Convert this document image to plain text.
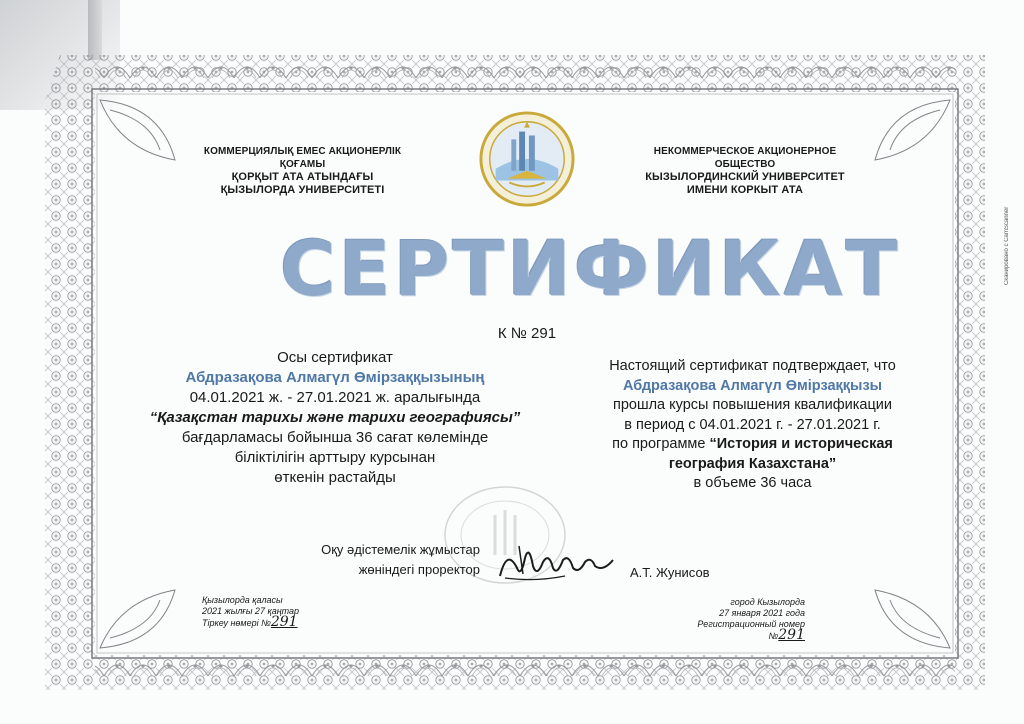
КОММЕРЦИЯЛЫҚ ЕМЕС АКЦИОНЕРЛІК ҚОҒАМЫ
ҚОРҚЫТ АТА АТЫНДАҒЫ
ҚЫЗЫЛОРДА УНИВЕРСИТЕТІ
НЕКОММЕРЧЕСКОЕ АКЦИОНЕРНОЕ ОБЩЕСТВО
КЫЗЫЛОРДИНСКИЙ УНИВЕРСИТЕТ
ИМЕНИ КОРКЫТ АТА
СЕРТИФИКАТ
К № 291
Осы сертификат
Абдразақова Алмагүл Өмірзаққызының
04.01.2021 ж. - 27.01.2021 ж. аралығында
“Қазақстан тарихы және тарихи географиясы”
бағдарламасы бойынша 36 сағат көлемінде
біліктілігін арттыру курсынан
өткенін растайды
Настоящий сертификат подтверждает, что
Абдразақова Алмагүл Өмірзаққызы
прошла курсы повышения квалификации
в период с 04.01.2021 г. - 27.01.2021 г.
по программе “История и историческая
география Казахстана”
в объеме 36 часа
Оқу әдістемелік жұмыстар
жөніндегі проректор	А.Т. Жунисов
Қызылорда қаласы
2021 жылғы 27 қаңтар
Тіркеу нөмері №291
город Кызылорда
27 января 2021 года
Регистрационный номер №291
Сканировано с CamScanner
